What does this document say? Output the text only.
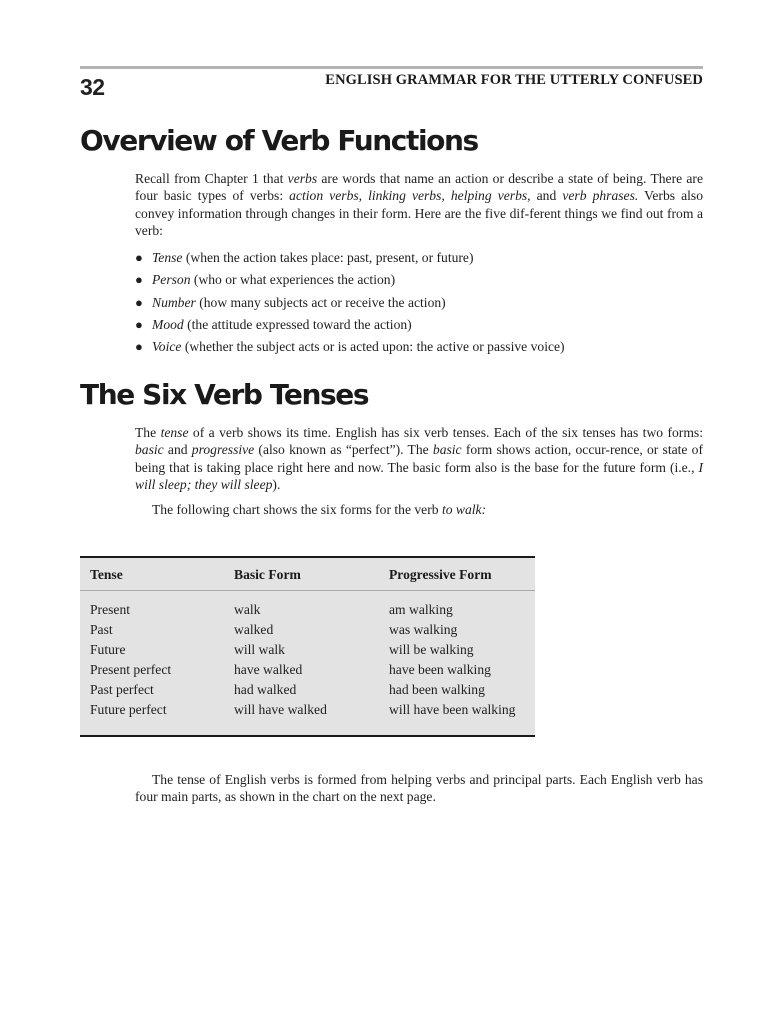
32	ENGLISH GRAMMAR FOR THE UTTERLY CONFUSED
Overview of Verb Functions

Recall from Chapter 1 that verbs are words that name an action or describe a state of being. There are four basic types of verbs: action verbs, linking verbs, helping verbs, and verb phrases. Verbs also convey information through changes in their form. Here are the five dif-ferent things we find out from a verb:

● Tense (when the action takes place: past, present, or future)
● Person (who or what experiences the action)
● Number (how many subjects act or receive the action)
● Mood (the attitude expressed toward the action)
● Voice (whether the subject acts or is acted upon: the active or passive voice)
The Six Verb Tenses

The tense of a verb shows its time. English has six verb tenses. Each of the six tenses has two forms: basic and progressive (also known as “perfect”). The basic form shows action, occur-rence, or state of being that is taking place right here and now. The basic form also is the base for the future form (i.e., I will sleep; they will sleep).

The following chart shows the six forms for the verb to walk:

Tense	Basic Form	Progressive Form
Present	walk	am walking
Past	walked	was walking
Future	will walk	will be walking
Present perfect	have walked	have been walking
Past perfect	had walked	had been walking
Future perfect	will have walked	will have been walking

The tense of English verbs is formed from helping verbs and principal parts. Each English verb has four main parts, as shown in the chart on the next page.
